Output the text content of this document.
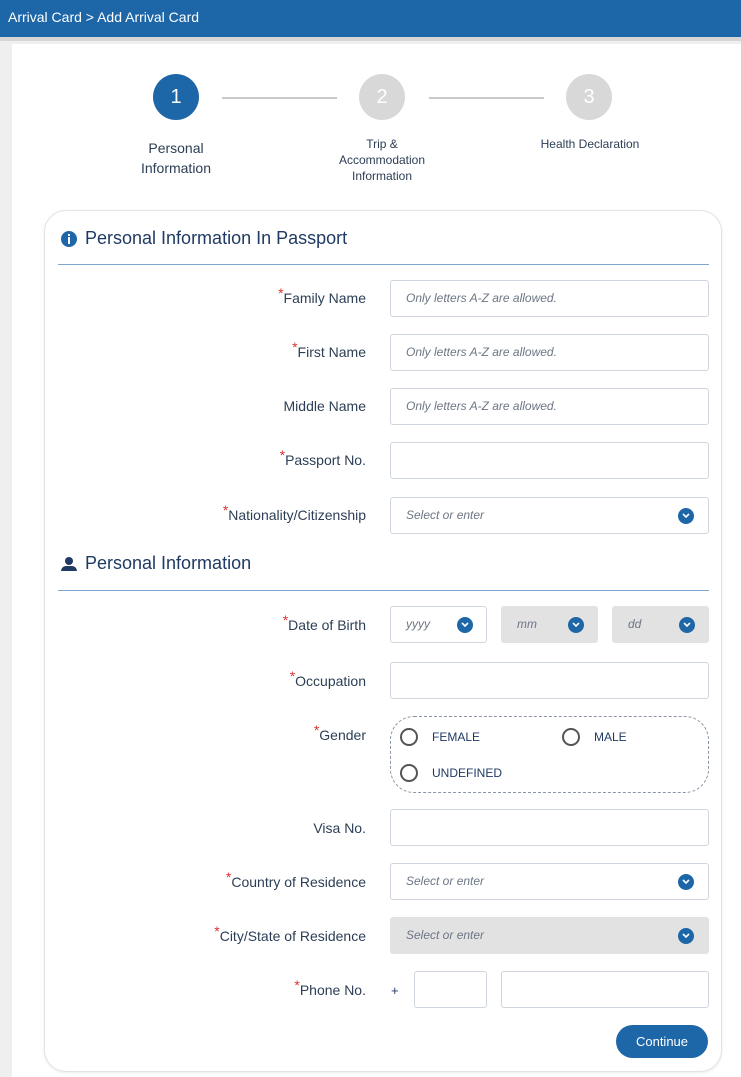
Arrival Card > Add Arrival Card
1	2	3
Personal
Information
Trip &
Accommodation
Information
Health Declaration
Personal Information In Passport
*Family Name	Only letters A-Z are allowed.
*First Name	Only letters A-Z are allowed.
Middle Name	Only letters A-Z are allowed.
*Passport No.
*Nationality/Citizenship	Select or enter
Personal Information
*Date of Birth	yyyy	mm	dd
*Occupation
*Gender	FEMALE	MALE
UNDEFINED
Visa No.
*Country of Residence	Select or enter
*City/State of Residence	Select or enter
*Phone No. +
Continue
